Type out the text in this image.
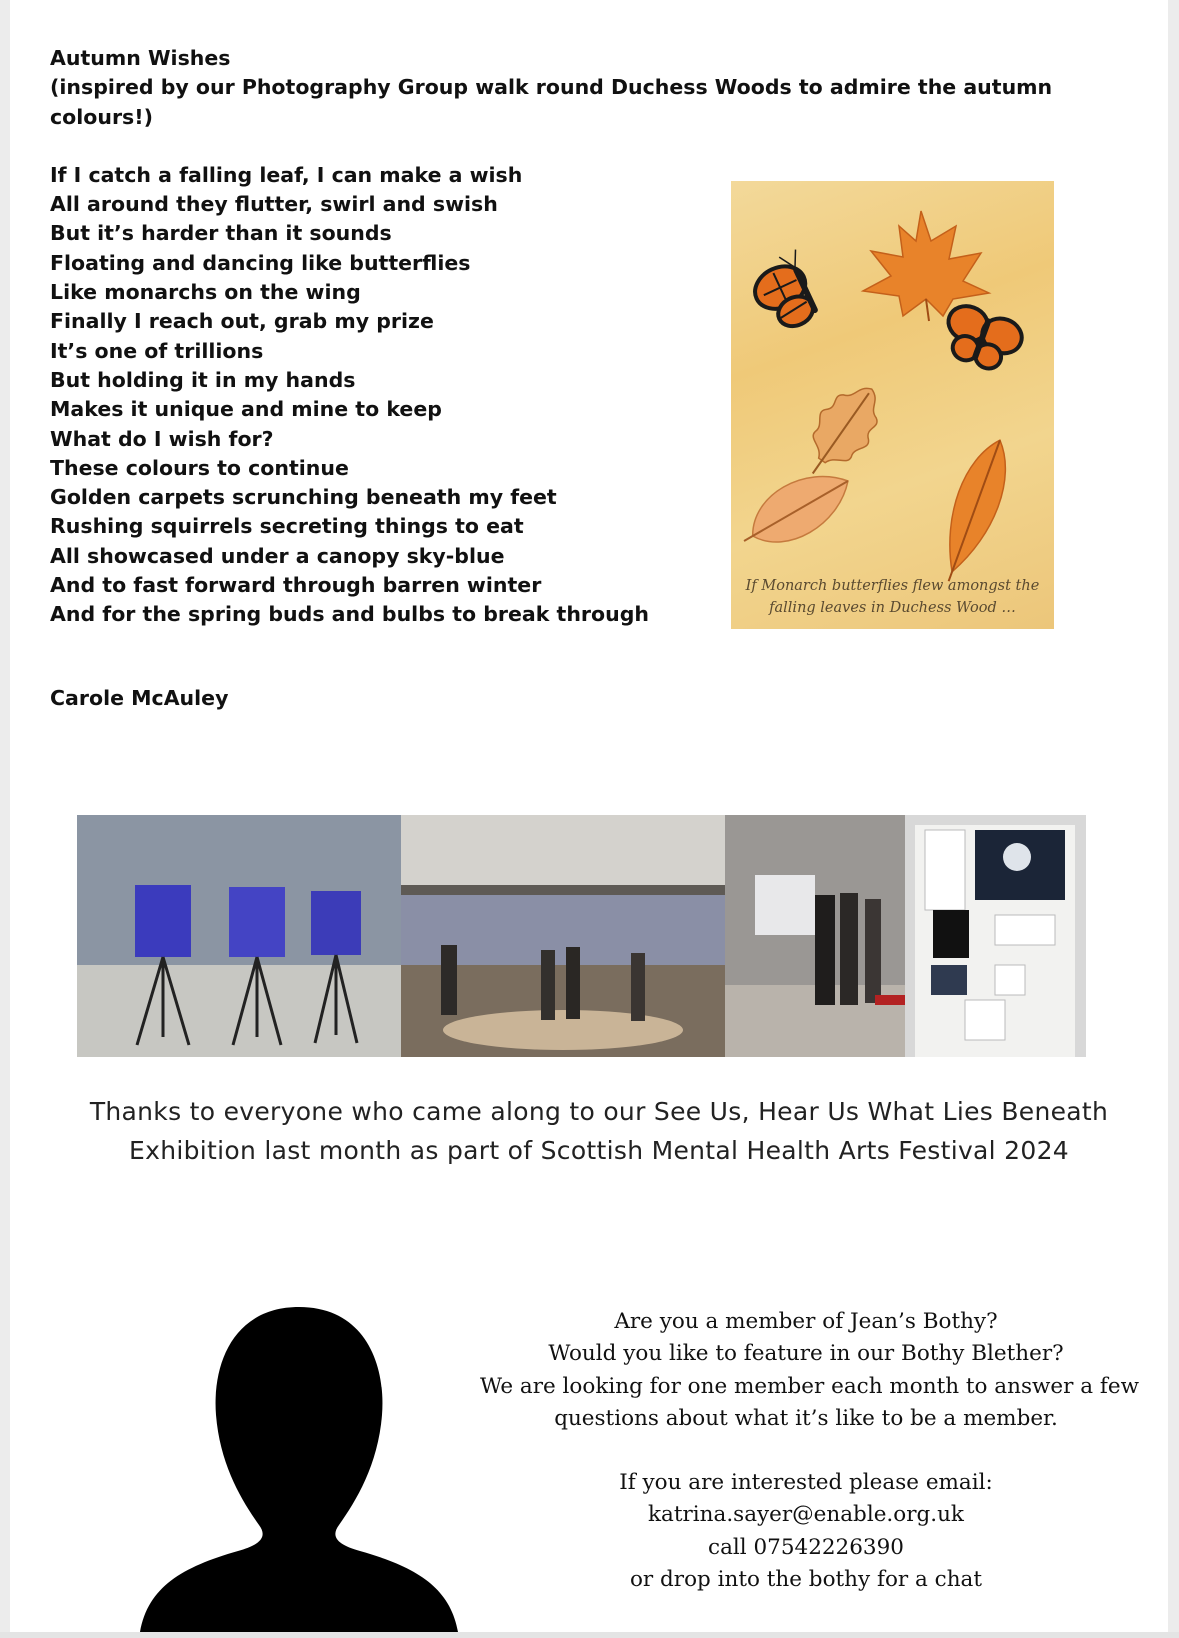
Autumn Wishes
(inspired by our Photography Group walk round Duchess Woods to admire the autumn
colours!)
If I catch a falling leaf, I can make a wish
All around they flutter, swirl and swish
But it’s harder than it sounds
Floating and dancing like butterflies
Like monarchs on the wing
Finally I reach out, grab my prize
It’s one of trillions
But holding it in my hands
Makes it unique and mine to keep
What do I wish for?
These colours to continue
Golden carpets scrunching beneath my feet
Rushing squirrels secreting things to eat
All showcased under a canopy sky-blue
And to fast forward through barren winter
And for the spring buds and bulbs to break through
Carole McAuley
If Monarch butterflies flew amongst the
falling leaves in Duchess Wood …
Thanks to everyone who came along to our See Us, Hear Us What Lies Beneath
Exhibition last month as part of Scottish Mental Health Arts Festival 2024
Are you a member of Jean’s Bothy?
Would you like to feature in our Bothy Blether?
We are looking for one member each month to answer a few
questions about what it’s like to be a member.
If you are interested please email:
katrina.sayer@enable.org.uk
call 07542226390
or drop into the bothy for a chat
